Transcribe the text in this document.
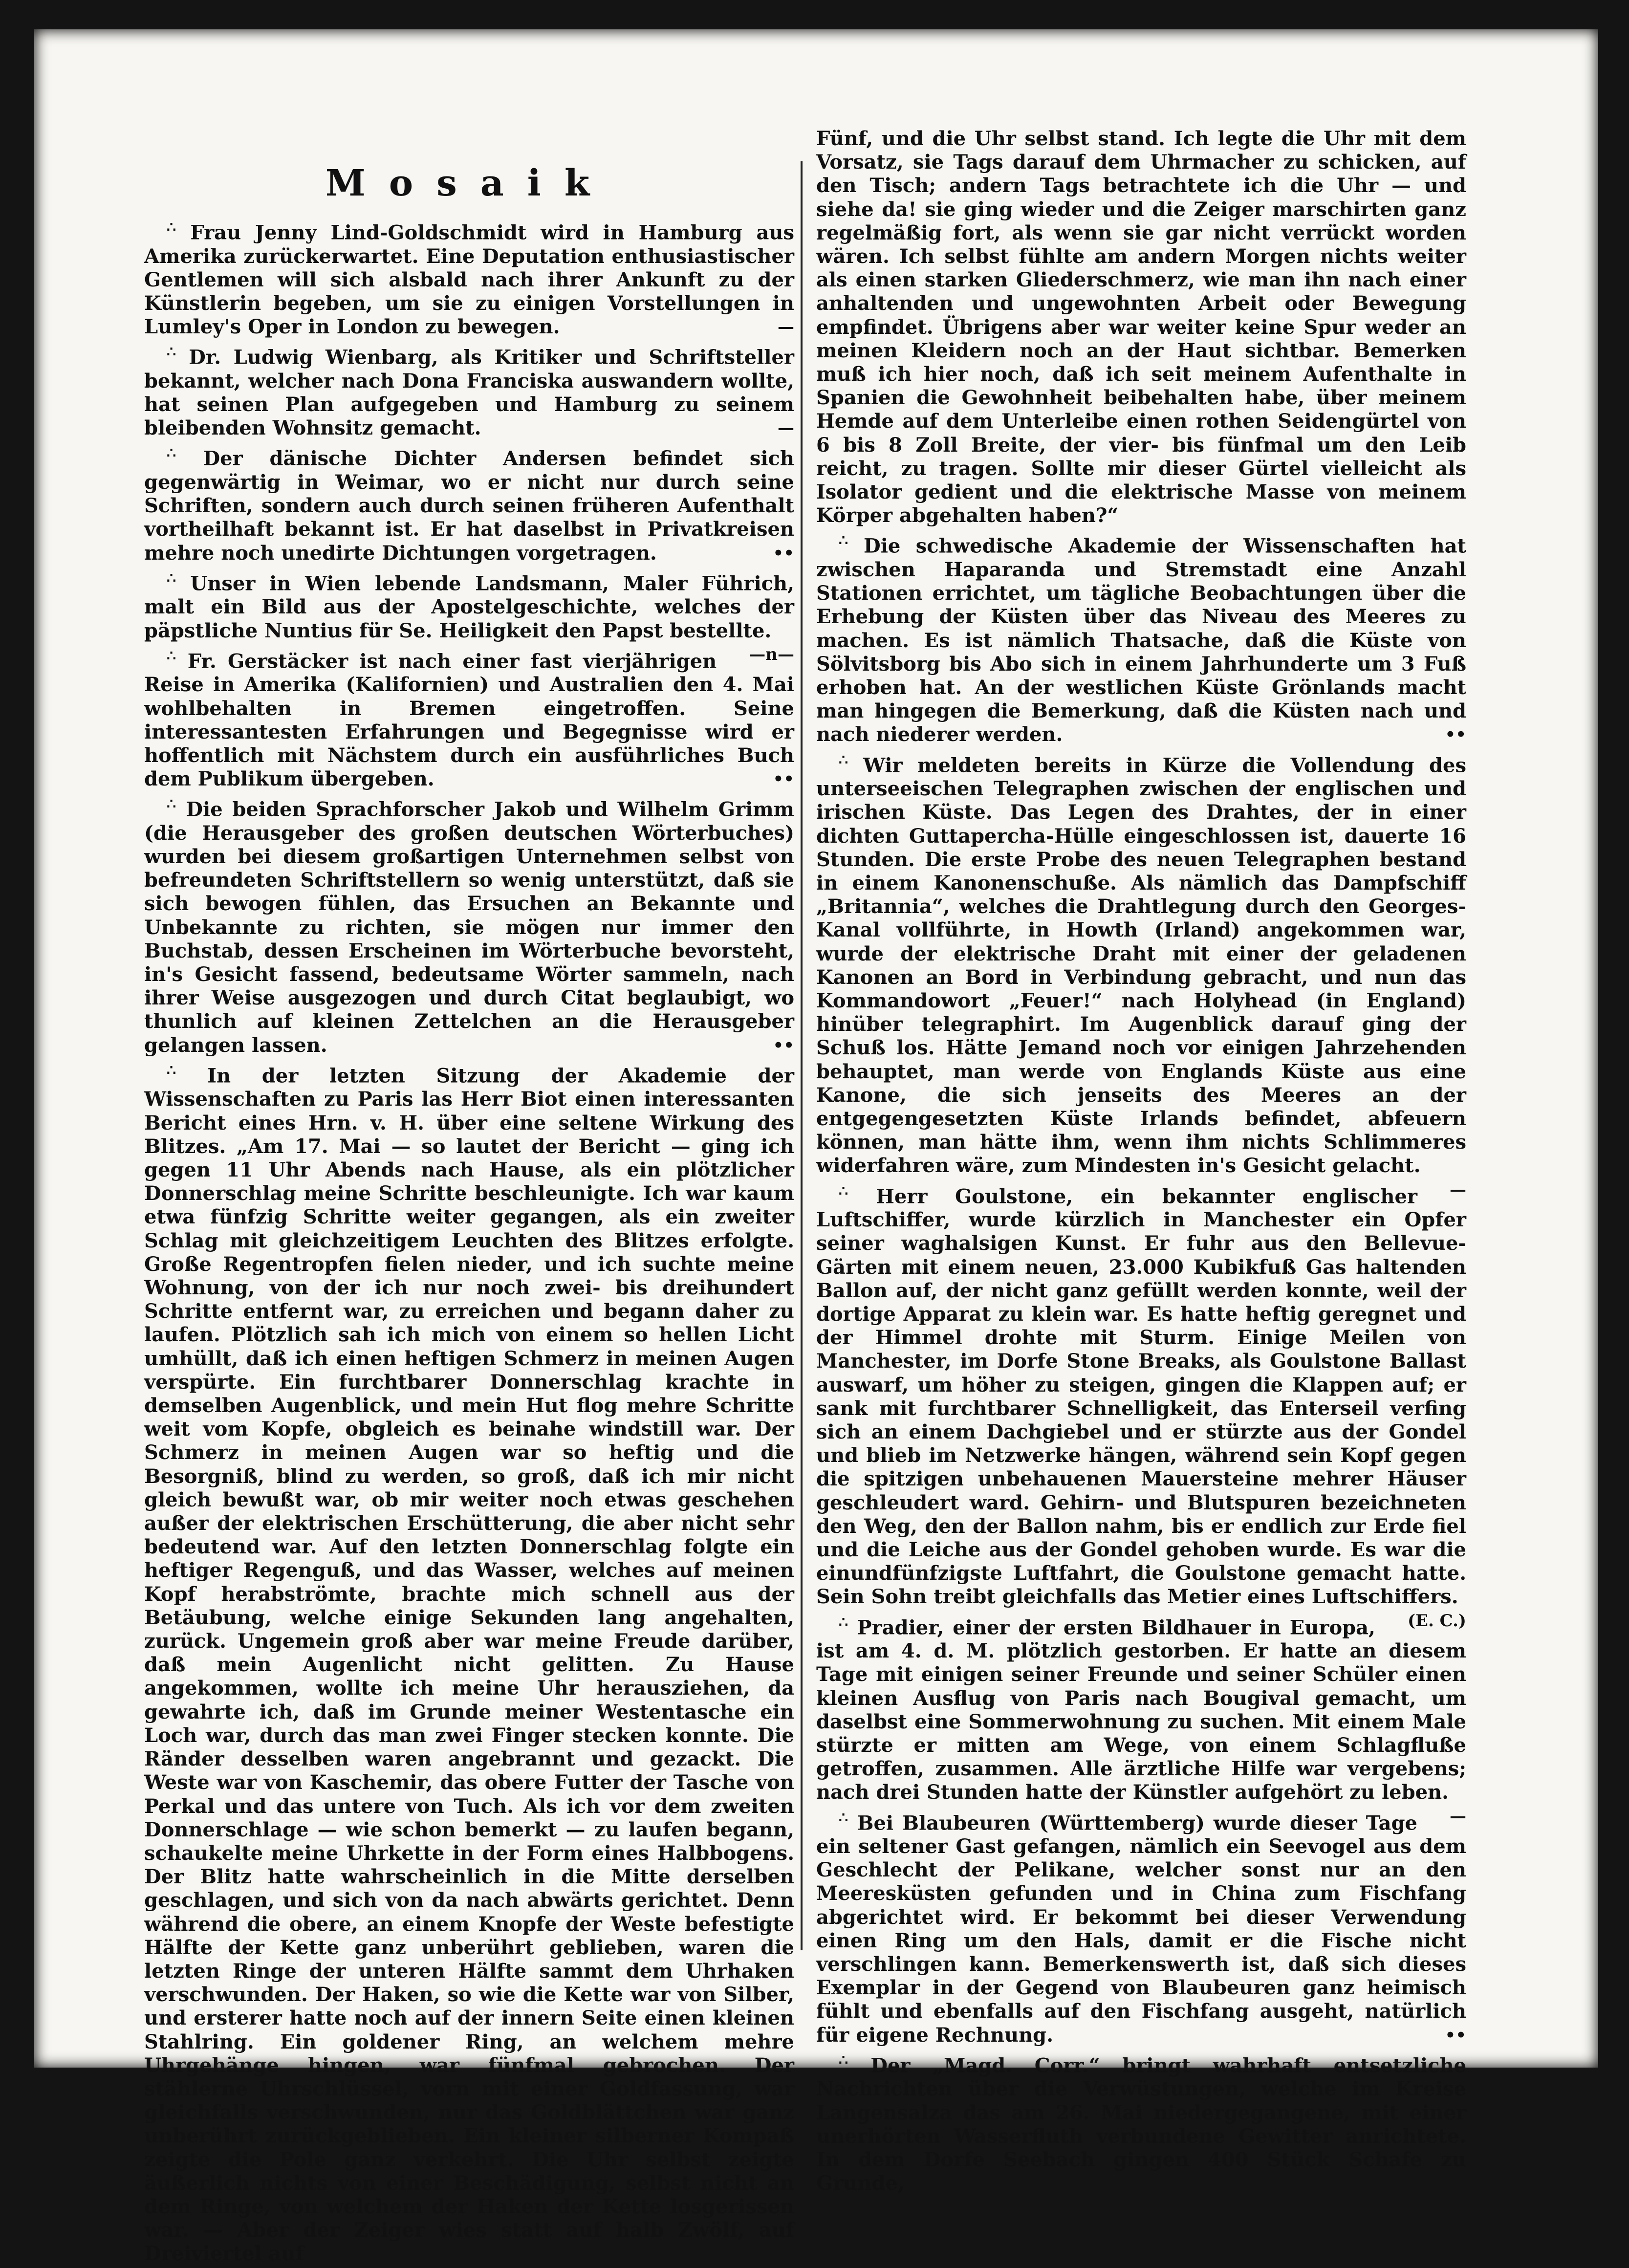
Mosaik

∴ Frau Jenny Lind-Goldschmidt wird in Hamburg aus Amerika zurückerwartet. Eine Deputation enthusiastischer Gentlemen will sich alsbald nach ihrer Ankunft zu der Künstlerin begeben, um sie zu einigen Vorstellungen in Lumley's Oper in London zu bewegen.	—

∴ Dr. Ludwig Wienbarg, als Kritiker und Schriftsteller bekannt, welcher nach Dona Franciska auswandern wollte, hat seinen Plan aufgegeben und Hamburg zu seinem bleibenden Wohnsitz gemacht.	—

∴ Der dänische Dichter Andersen befindet sich gegenwärtig in Weimar, wo er nicht nur durch seine Schriften, sondern auch durch seinen früheren Aufenthalt vortheilhaft bekannt ist. Er hat daselbst in Privatkreisen mehre noch unedirte Dichtungen vorgetragen.	••

∴ Unser in Wien lebende Landsmann, Maler Führich, malt ein Bild aus der Apostelgeschichte, welches der päpstliche Nuntius für Se. Heiligkeit den Papst bestellte.
—n—

∴ Fr. Gerstäcker ist nach einer fast vierjährigen Reise in Amerika (Kalifornien) und Australien den 4. Mai wohlbehalten in Bremen eingetroffen. Seine interessantesten Erfahrungen und Begegnisse wird er hoffentlich mit Nächstem durch ein ausführliches Buch dem Publikum übergeben.	••

∴ Die beiden Sprachforscher Jakob und Wilhelm Grimm (die Herausgeber des großen deutschen Wörterbuches) wurden bei diesem großartigen Unternehmen selbst von befreundeten Schriftstellern so wenig unterstützt, daß sie sich bewogen fühlen, das Ersuchen an Bekannte und Unbekannte zu richten, sie mögen nur immer den Buchstab, dessen Erscheinen im Wörterbuche bevorsteht, in's Gesicht fassend, bedeutsame Wörter sammeln, nach ihrer Weise ausgezogen und durch Citat beglaubigt, wo thunlich auf kleinen Zettelchen an die Herausgeber gelangen lassen.	••

∴ In der letzten Sitzung der Akademie der Wissenschaften zu Paris las Herr Biot einen interessanten Bericht eines Hrn. v. H. über eine seltene Wirkung des Blitzes. „Am 17. Mai — so lautet der Bericht — ging ich gegen 11 Uhr Abends nach Hause, als ein plötzlicher Donnerschlag meine Schritte beschleunigte. Ich war kaum etwa fünfzig Schritte weiter gegangen, als ein zweiter Schlag mit gleichzeitigem Leuchten des Blitzes erfolgte. Große Regentropfen fielen nieder, und ich suchte meine Wohnung, von der ich nur noch zwei- bis dreihundert Schritte entfernt war, zu erreichen und begann daher zu laufen. Plötzlich sah ich mich von einem so hellen Licht umhüllt, daß ich einen heftigen Schmerz in meinen Augen verspürte. Ein furchtbarer Donnerschlag krachte in demselben Augenblick, und mein Hut flog mehre Schritte weit vom Kopfe, obgleich es beinahe windstill war. Der Schmerz in meinen Augen war so heftig und die Besorgniß, blind zu werden, so groß, daß ich mir nicht gleich bewußt war, ob mir weiter noch etwas geschehen außer der elektrischen Erschütterung, die aber nicht sehr bedeutend war. Auf den letzten Donnerschlag folgte ein heftiger Regenguß, und das Wasser, welches auf meinen Kopf herabströmte, brachte mich schnell aus der Betäubung, welche einige Sekunden lang angehalten, zurück. Ungemein groß aber war meine Freude darüber, daß mein Augenlicht nicht gelitten. Zu Hause angekommen, wollte ich meine Uhr herausziehen, da gewahrte ich, daß im Grunde meiner Westentasche ein Loch war, durch das man zwei Finger stecken konnte. Die Ränder desselben waren angebrannt und gezackt. Die Weste war von Kaschemir, das obere Futter der Tasche von Perkal und das untere von Tuch. Als ich vor dem zweiten Donnerschlage — wie schon bemerkt — zu laufen begann, schaukelte meine Uhrkette in der Form eines Halbbogens. Der Blitz hatte wahrscheinlich in die Mitte derselben geschlagen, und sich von da nach abwärts gerichtet. Denn während die obere, an einem Knopfe der Weste befestigte Hälfte der Kette ganz unberührt geblieben, waren die letzten Ringe der unteren Hälfte sammt dem Uhrhaken verschwunden. Der Haken, so wie die Kette war von Silber, und ersterer hatte noch auf der innern Seite einen kleinen Stahlring. Ein goldener Ring, an welchem mehre Uhrgehänge hingen, war fünfmal gebrochen. Der stählerne Uhrschlüssel, vorn mit einer Goldfassung, war gleichfalls verschwunden, nur das Goldblättchen war ganz unberührt zurückgeblieben. Ein kleiner silberner Kompaß zeigte die Pole ganz verkehrt. Die Uhr selbst zeigte äußerlich nichts von einer Beschädigung, selbst nicht an dem Ringe, von welchem der Haken der Kette losgerissen war. — Aber der Zeiger wies statt auf halb Zwölf, auf Dreiviertel auf

Fünf, und die Uhr selbst stand. Ich legte die Uhr mit dem Vorsatz, sie Tags darauf dem Uhrmacher zu schicken, auf den Tisch; andern Tags betrachtete ich die Uhr — und siehe da! sie ging wieder und die Zeiger marschirten ganz regelmäßig fort, als wenn sie gar nicht verrückt worden wären. Ich selbst fühlte am andern Morgen nichts weiter als einen starken Gliederschmerz, wie man ihn nach einer anhaltenden und ungewohnten Arbeit oder Bewegung empfindet. Übrigens aber war weiter keine Spur weder an meinen Kleidern noch an der Haut sichtbar. Bemerken muß ich hier noch, daß ich seit meinem Aufenthalte in Spanien die Gewohnheit beibehalten habe, über meinem Hemde auf dem Unterleibe einen rothen Seidengürtel von 6 bis 8 Zoll Breite, der vier- bis fünfmal um den Leib reicht, zu tragen. Sollte mir dieser Gürtel vielleicht als Isolator gedient und die elektrische Masse von meinem Körper abgehalten haben?“

∴ Die schwedische Akademie der Wissenschaften hat zwischen Haparanda und Stremstadt eine Anzahl Stationen errichtet, um tägliche Beobachtungen über die Erhebung der Küsten über das Niveau des Meeres zu machen. Es ist nämlich Thatsache, daß die Küste von Sölvitsborg bis Abo sich in einem Jahrhunderte um 3 Fuß erhoben hat. An der westlichen Küste Grönlands macht man hingegen die Bemerkung, daß die Küsten nach und nach niederer werden.	••

∴ Wir meldeten bereits in Kürze die Vollendung des unterseeischen Telegraphen zwischen der englischen und irischen Küste. Das Legen des Drahtes, der in einer dichten Guttapercha-Hülle eingeschlossen ist, dauerte 16 Stunden. Die erste Probe des neuen Telegraphen bestand in einem Kanonenschuße. Als nämlich das Dampfschiff „Britannia“, welches die Drahtlegung durch den Georges-Kanal vollführte, in Howth (Irland) angekommen war, wurde der elektrische Draht mit einer der geladenen Kanonen an Bord in Verbindung gebracht, und nun das Kommandowort „Feuer!“ nach Holyhead (in England) hinüber telegraphirt. Im Augenblick darauf ging der Schuß los. Hätte Jemand noch vor einigen Jahrzehenden behauptet, man werde von Englands Küste aus eine Kanone, die sich jenseits des Meeres an der entgegengesetzten Küste Irlands befindet, abfeuern können, man hätte ihm, wenn ihm nichts Schlimmeres widerfahren wäre, zum Mindesten in's Gesicht gelacht.
—

∴ Herr Goulstone, ein bekannter englischer Luftschiffer, wurde kürzlich in Manchester ein Opfer seiner waghalsigen Kunst. Er fuhr aus den Bellevue-Gärten mit einem neuen, 23.000 Kubikfuß Gas haltenden Ballon auf, der nicht ganz gefüllt werden konnte, weil der dortige Apparat zu klein war. Es hatte heftig geregnet und der Himmel drohte mit Sturm. Einige Meilen von Manchester, im Dorfe Stone Breaks, als Goulstone Ballast auswarf, um höher zu steigen, gingen die Klappen auf; er sank mit furchtbarer Schnelligkeit, das Enterseil verfing sich an einem Dachgiebel und er stürzte aus der Gondel und blieb im Netzwerke hängen, während sein Kopf gegen die spitzigen unbehauenen Mauersteine mehrer Häuser geschleudert ward. Gehirn- und Blutspuren bezeichneten den Weg, den der Ballon nahm, bis er endlich zur Erde fiel und die Leiche aus der Gondel gehoben wurde. Es war die einundfünfzigste Luftfahrt, die Goulstone gemacht hatte. Sein Sohn treibt gleichfalls das Metier eines Luftschiffers.
(E. C.)

∴ Pradier, einer der ersten Bildhauer in Europa, ist am 4. d. M. plötzlich gestorben. Er hatte an diesem Tage mit einigen seiner Freunde und seiner Schüler einen kleinen Ausflug von Paris nach Bougival gemacht, um daselbst eine Sommerwohnung zu suchen. Mit einem Male stürzte er mitten am Wege, von einem Schlagfluße getroffen, zusammen. Alle ärztliche Hilfe war vergebens; nach drei Stunden hatte der Künstler aufgehört zu leben.
—

∴ Bei Blaubeuren (Württemberg) wurde dieser Tage ein seltener Gast gefangen, nämlich ein Seevogel aus dem Geschlecht der Pelikane, welcher sonst nur an den Meeresküsten gefunden und in China zum Fischfang abgerichtet wird. Er bekommt bei dieser Verwendung einen Ring um den Hals, damit er die Fische nicht verschlingen kann. Bemerkenswerth ist, daß sich dieses Exemplar in der Gegend von Blaubeuren ganz heimisch fühlt und ebenfalls auf den Fischfang ausgeht, natürlich für eigene Rechnung.	••

∴ Der „Magd. Corr.“ bringt wahrhaft entsetzliche Nachrichten über die Verwüstungen, welche im Kreise Langensalza das am 26. Mai niedergegangene, mit einer unerhörten Wasserfluth verbundene Gewitter anrichtete. In dem Dorfe Seebach gingen 400 Stück Schafe zu Grunde,
